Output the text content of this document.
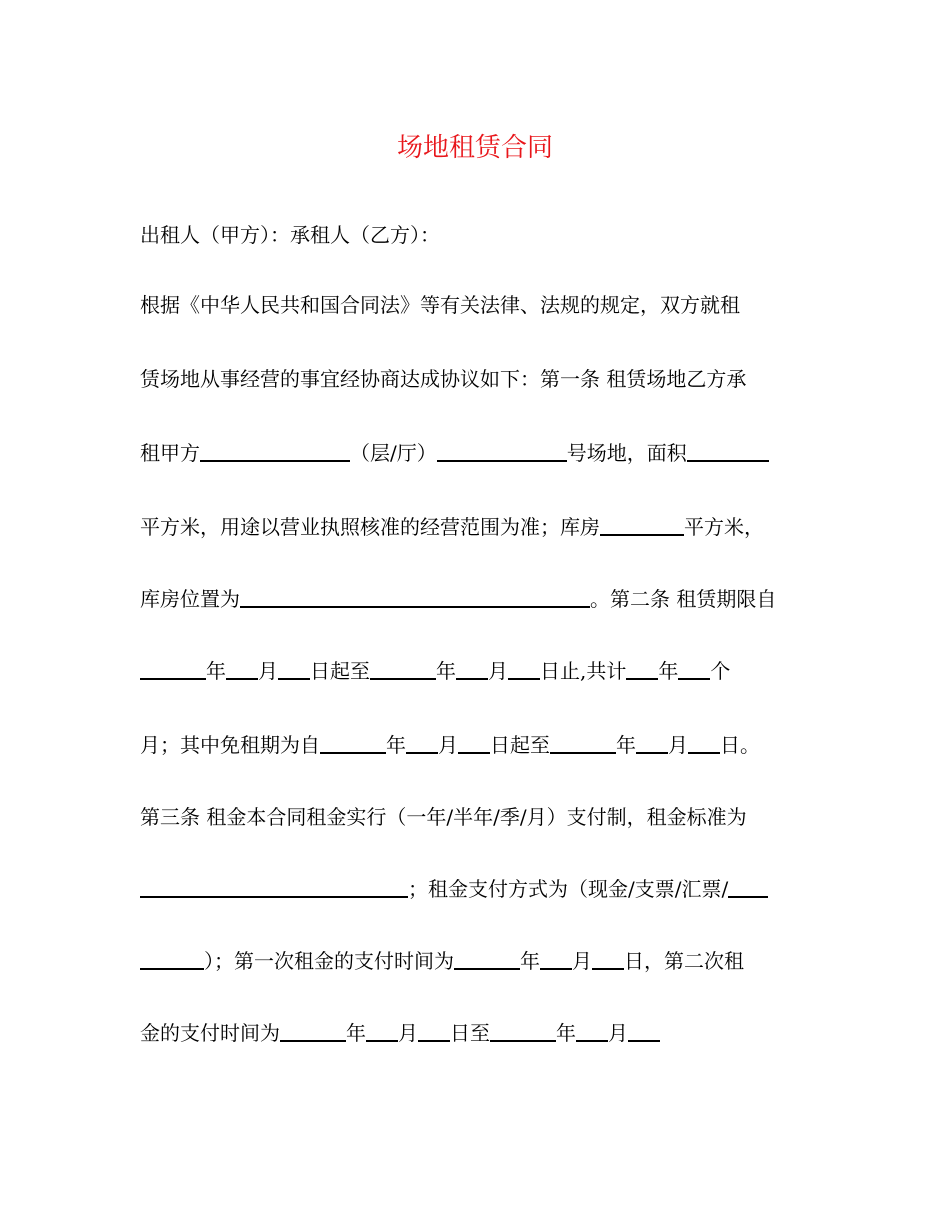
场地租赁合同
出租人（甲方）：承租人（乙方）：
根据《中华人民共和国合同法》等有关法律、法规的规定，双方就租
赁场地从事经营的事宜经协商达成协议如下：第一条 租赁场地乙方承
租甲方	（层/厅）	号场地，面积
平方米，用途以营业执照核准的经营范围为准；库房	平方米，
库房位置为	。第二条 租赁期限自
年 月 日起至	年 月 日止,共计 年 个
月；其中免租期为自	年 月 日起至	年 月 日。
第三条 租金本合同租金实行（一年/半年/季/月）支付制，租金标准为
；租金支付方式为（现金/支票/汇票/
）；第一次租金的支付时间为	年 月 日，第二次租
金的支付时间为	年 月 日至	年 月
